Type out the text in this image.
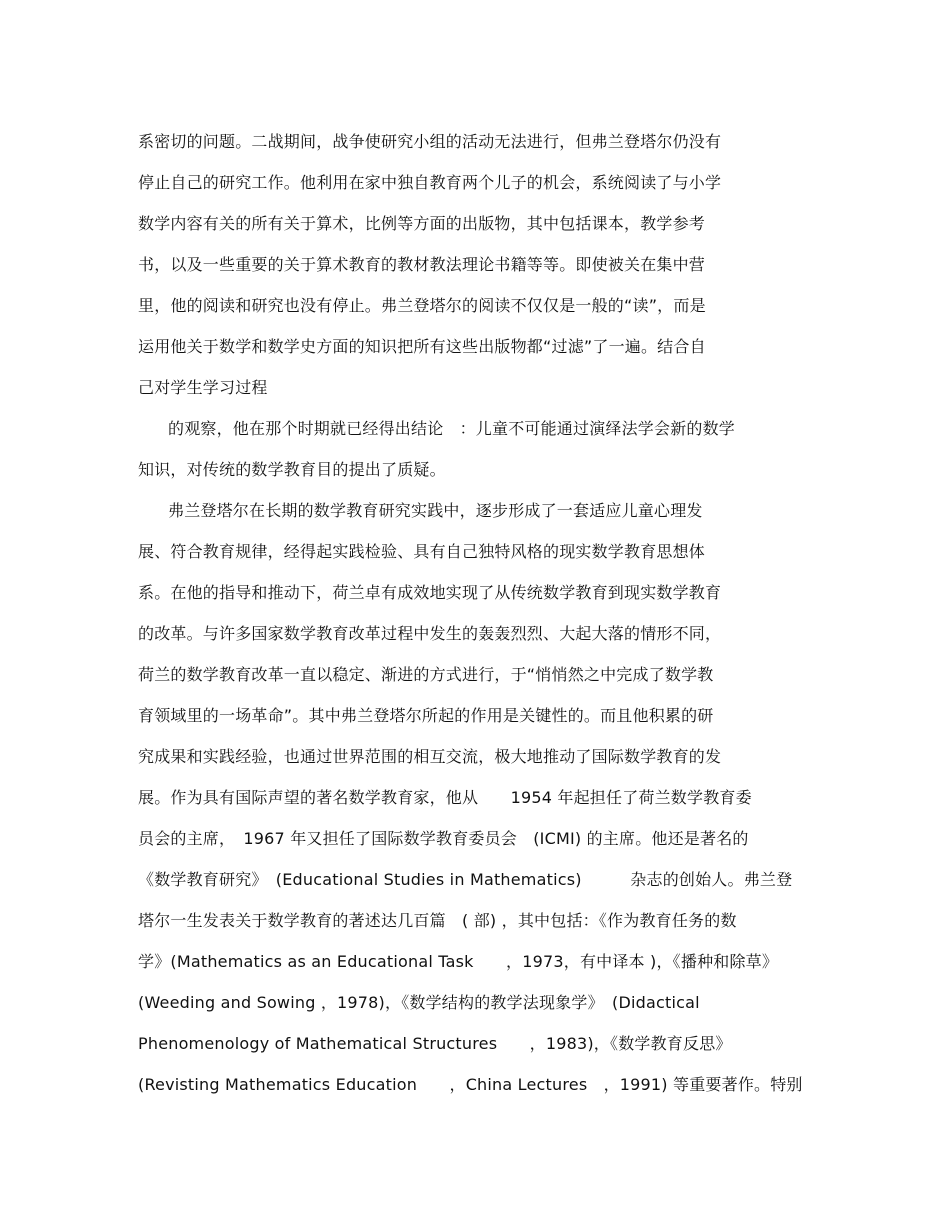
系密切的问题。二战期间，战争使研究小组的活动无法进行，但弗兰登塔尔仍没有
停止自己的研究工作。他利用在家中独自教育两个儿子的机会，系统阅读了与小学
数学内容有关的所有关于算术，比例等方面的出版物，其中包括课本，教学参考
书，以及一些重要的关于算术教育的教材教法理论书籍等等。即使被关在集中营
里，他的阅读和研究也没有停止。弗兰登塔尔的阅读不仅仅是一般的“读”，而是
运用他关于数学和数学史方面的知识把所有这些出版物都“过滤”了一遍。结合自
己对学生学习过程
的观察，他在那个时期就已经得出结论　：儿童不可能通过演绎法学会新的数学
知识，对传统的数学教育目的提出了质疑。
弗兰登塔尔在长期的数学教育研究实践中，逐步形成了一套适应儿童心理发
展、符合教育规律，经得起实践检验、具有自己独特风格的现实数学教育思想体
系。在他的指导和推动下，荷兰卓有成效地实现了从传统数学教育到现实数学教育
的改革。与许多国家数学教育改革过程中发生的轰轰烈烈、大起大落的情形不同，
荷兰的数学教育改革一直以稳定、渐进的方式进行，于“悄悄然之中完成了数学教
育领域里的一场革命”。其中弗兰登塔尔所起的作用是关键性的。而且他积累的研
究成果和实践经验，也通过世界范围的相互交流，极大地推动了国际数学教育的发
展。作为具有国际声望的著名数学教育家，他从　　1954 年起担任了荷兰数学教育委
员会的主席，　1967 年又担任了国际数学教育委员会　(ICMI) 的主席。他还是著名的
《数学教育研究》　(Educational Studies in Mathematics)　　　杂志的创始人。弗兰登
塔尔一生发表关于数学教育的著述达几百篇　( 部) ，其中包括：《作为教育任务的数
学》(Mathematics as an Educational Task　　，1973，有中译本 )，《播种和除草》
(Weeding and Sowing ，1978)，《数学结构的教学法现象学》　(Didactical
Phenomenology of Mathematical Structures　　，1983)，《数学教育反思》
(Revisting Mathematics Education　　，China Lectures　，1991) 等重要著作。特别
